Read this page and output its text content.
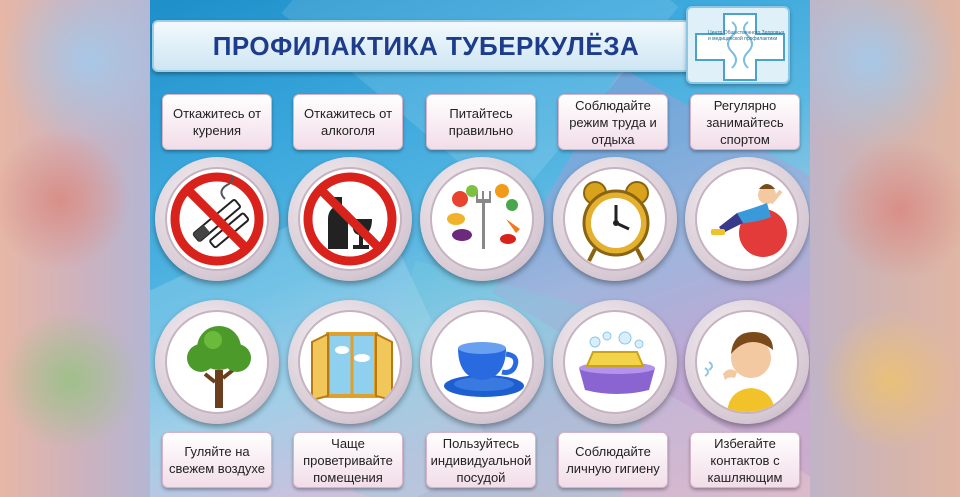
ПРОФИЛАКТИКА ТУБЕРКУЛЁЗА	Центр Общественного Здоровья и медицинской профилактики
Откажитесь от курения
Откажитесь от алкоголя
Питайтесь правильно
Соблюдайте режим труда и отдыха
Регулярно занимайтесь спортом
Гуляйте на свежем воздухе
Чаще проветривайте помещения
Пользуйтесь индивидуальной посудой
Соблюдайте личную гигиену
Избегайте контактов с кашляющим
